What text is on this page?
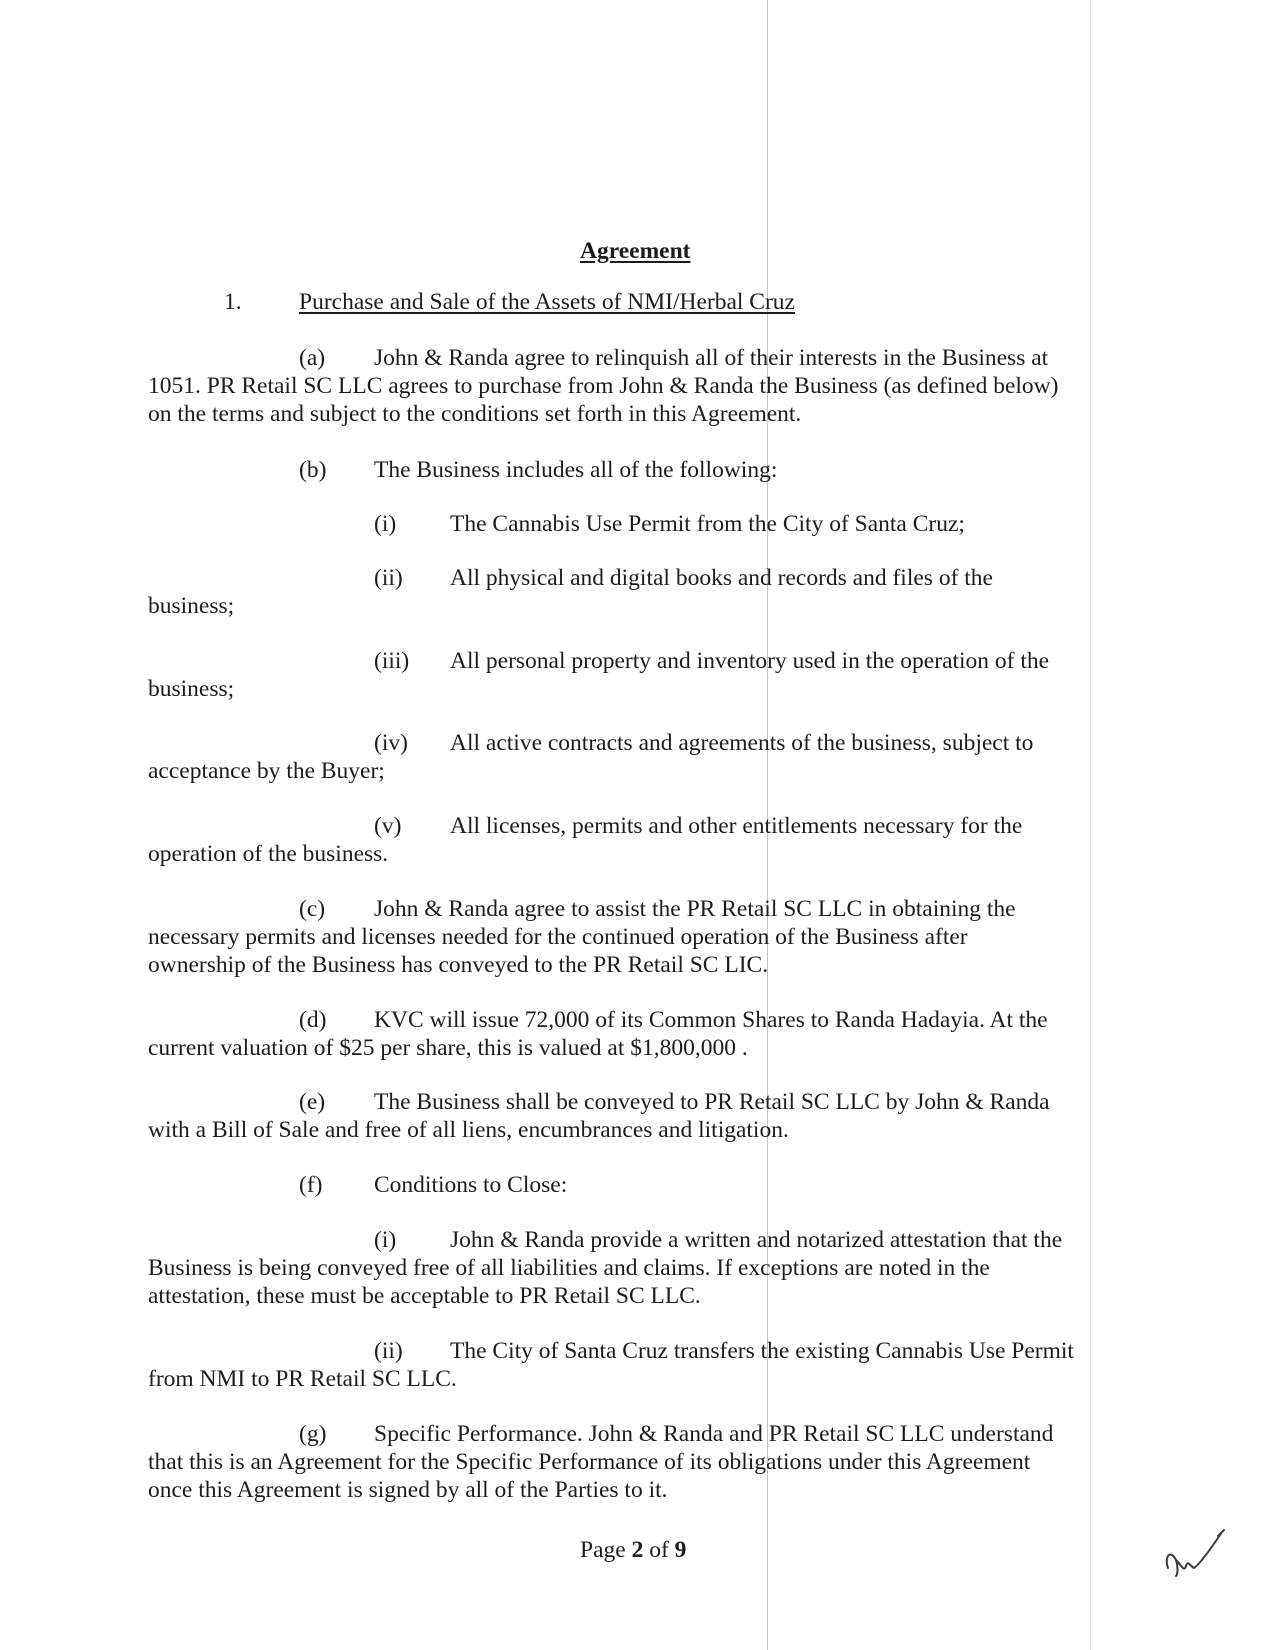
Agreement

1. Purchase and Sale of the Assets of NMI/Herbal Cruz

(a) John & Randa agree to relinquish all of their interests in the Business at

1051. PR Retail SC LLC agrees to purchase from John & Randa the Business (as defined below)

on the terms and subject to the conditions set forth in this Agreement.

(b) The Business includes all of the following:

(i) The Cannabis Use Permit from the City of Santa Cruz;

(ii) All physical and digital books and records and files of the

business;

(iii) All personal property and inventory used in the operation of the

business;

(iv) All active contracts and agreements of the business, subject to

acceptance by the Buyer;

(v) All licenses, permits and other entitlements necessary for the

operation of the business.

(c) John & Randa agree to assist the PR Retail SC LLC in obtaining the

necessary permits and licenses needed for the continued operation of the Business after

ownership of the Business has conveyed to the PR Retail SC LIC.

(d) KVC will issue 72,000 of its Common Shares to Randa Hadayia. At the

current valuation of $25 per share, this is valued at $1,800,000 .

(e) The Business shall be conveyed to PR Retail SC LLC by John & Randa

with a Bill of Sale and free of all liens, encumbrances and litigation.

(f) Conditions to Close:

(i) John & Randa provide a written and notarized attestation that the

Business is being conveyed free of all liabilities and claims. If exceptions are noted in the

attestation, these must be acceptable to PR Retail SC LLC.

(ii) The City of Santa Cruz transfers the existing Cannabis Use Permit

from NMI to PR Retail SC LLC.

(g) Specific Performance. John & Randa and PR Retail SC LLC understand

that this is an Agreement for the Specific Performance of its obligations under this Agreement

once this Agreement is signed by all of the Parties to it.

Page 2 of 9
